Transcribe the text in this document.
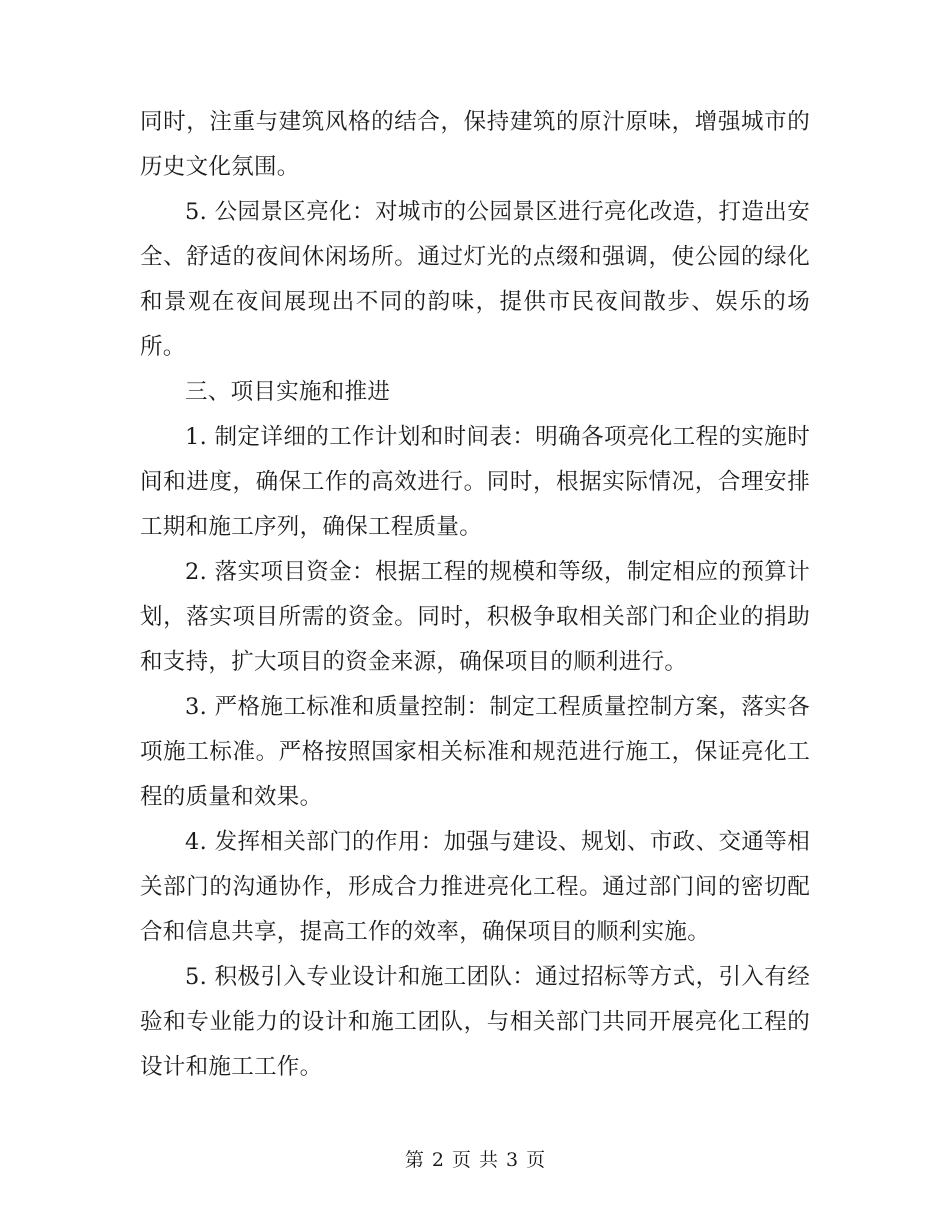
同时，注重与建筑风格的结合，保持建筑的原汁原味，增强城市的历史文化氛围。

5. 公园景区亮化：对城市的公园景区进行亮化改造，打造出安全、舒适的夜间休闲场所。通过灯光的点缀和强调，使公园的绿化和景观在夜间展现出不同的韵味，提供市民夜间散步、娱乐的场所。

三、项目实施和推进

1. 制定详细的工作计划和时间表：明确各项亮化工程的实施时间和进度，确保工作的高效进行。同时，根据实际情况，合理安排工期和施工序列，确保工程质量。

2. 落实项目资金：根据工程的规模和等级，制定相应的预算计划，落实项目所需的资金。同时，积极争取相关部门和企业的捐助和支持，扩大项目的资金来源，确保项目的顺利进行。

3. 严格施工标准和质量控制：制定工程质量控制方案，落实各项施工标准。严格按照国家相关标准和规范进行施工，保证亮化工程的质量和效果。

4. 发挥相关部门的作用：加强与建设、规划、市政、交通等相关部门的沟通协作，形成合力推进亮化工程。通过部门间的密切配合和信息共享，提高工作的效率，确保项目的顺利实施。

5. 积极引入专业设计和施工团队：通过招标等方式，引入有经验和专业能力的设计和施工团队，与相关部门共同开展亮化工程的设计和施工工作。

第 2 页 共 3 页
